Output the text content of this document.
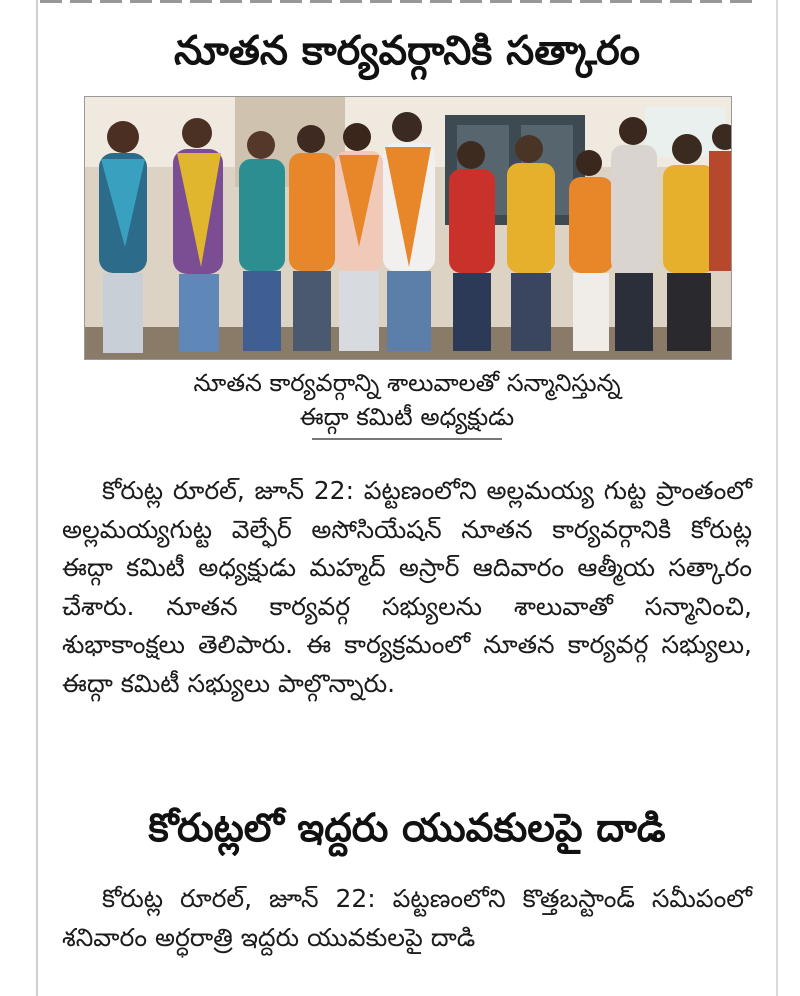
నూతన కార్యవర్గానికి సత్కారం
నూతన కార్యవర్గాన్ని శాలువాలతో సన్మానిస్తున్న
ఈద్గా కమిటీ అధ్యక్షుడు
కోరుట్ల రూరల్‌, జూన్‌ 22: పట్టణంలోని అల్లమయ్య గుట్ట ప్రాంతంలో అల్లమయ్యగుట్ట వెల్ఫేర్‌ అసోసియేషన్‌ నూతన కార్యవర్గానికి కోరుట్ల ఈద్గా కమిటీ అధ్యక్షుడు మహ్మద్‌ అస్రార్‌ ఆదివారం ఆత్మీయ సత్కారం చేశారు. నూతన కార్యవర్గ సభ్యులను శాలువాతో సన్మానించి, శుభాకాంక్షలు తెలిపారు. ఈ కార్యక్రమంలో నూతన కార్యవర్గ సభ్యులు, ఈద్గా కమిటీ సభ్యులు పాల్గొన్నారు.
కోరుట్లలో ఇద్దరు యువకులపై దాడి
కోరుట్ల రూరల్‌, జూన్‌ 22: పట్టణంలోని కొత్తబస్టాండ్‌ సమీపంలో శనివారం అర్ధరాత్రి ఇద్దరు యువకులపై దాడి
